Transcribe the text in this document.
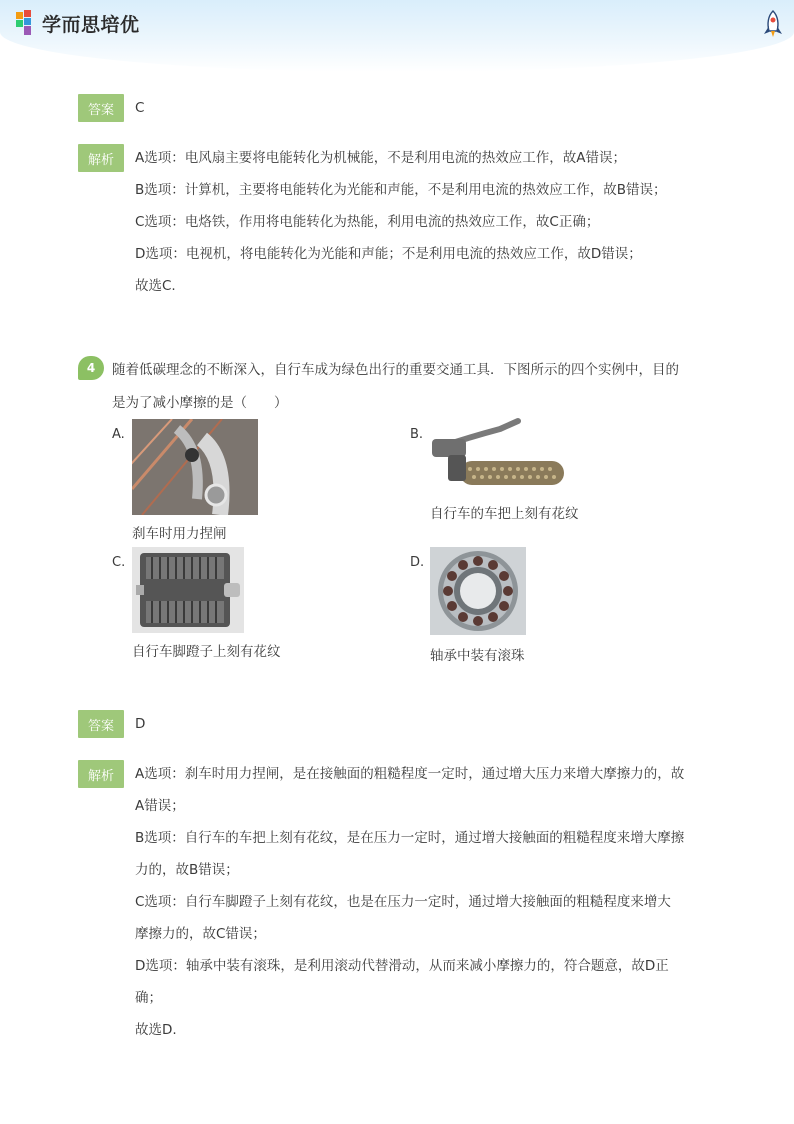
学而思培优
答案	C
解析	A选项：电风扇主要将电能转化为机械能，不是利用电流的热效应工作，故A错误；
B选项：计算机，主要将电能转化为光能和声能，不是利用电流的热效应工作，故B错误；
C选项：电烙铁，作用将电能转化为热能，利用电流的热效应工作，故C正确；
D选项：电视机，将电能转化为光能和声能；不是利用电流的热效应工作，故D错误；
故选C.
4	随着低碳理念的不断深入，自行车成为绿色出行的重要交通工具．下图所示的四个实例中，目的
是为了减小摩擦的是（　　）
A.
刹车时用力捏闸
B.
自行车的车把上刻有花纹
C.
自行车脚蹬子上刻有花纹
D.
轴承中装有滚珠
答案	D
解析	A选项：刹车时用力捏闸，是在接触面的粗糙程度一定时，通过增大压力来增大摩擦力的，故
A错误；
B选项：自行车的车把上刻有花纹，是在压力一定时，通过增大接触面的粗糙程度来增大摩擦
力的，故B错误；
C选项：自行车脚蹬子上刻有花纹，也是在压力一定时，通过增大接触面的粗糙程度来增大
摩擦力的，故C错误；
D选项：轴承中装有滚珠，是利用滚动代替滑动，从而来减小摩擦力的，符合题意，故D正
确；
故选D.
